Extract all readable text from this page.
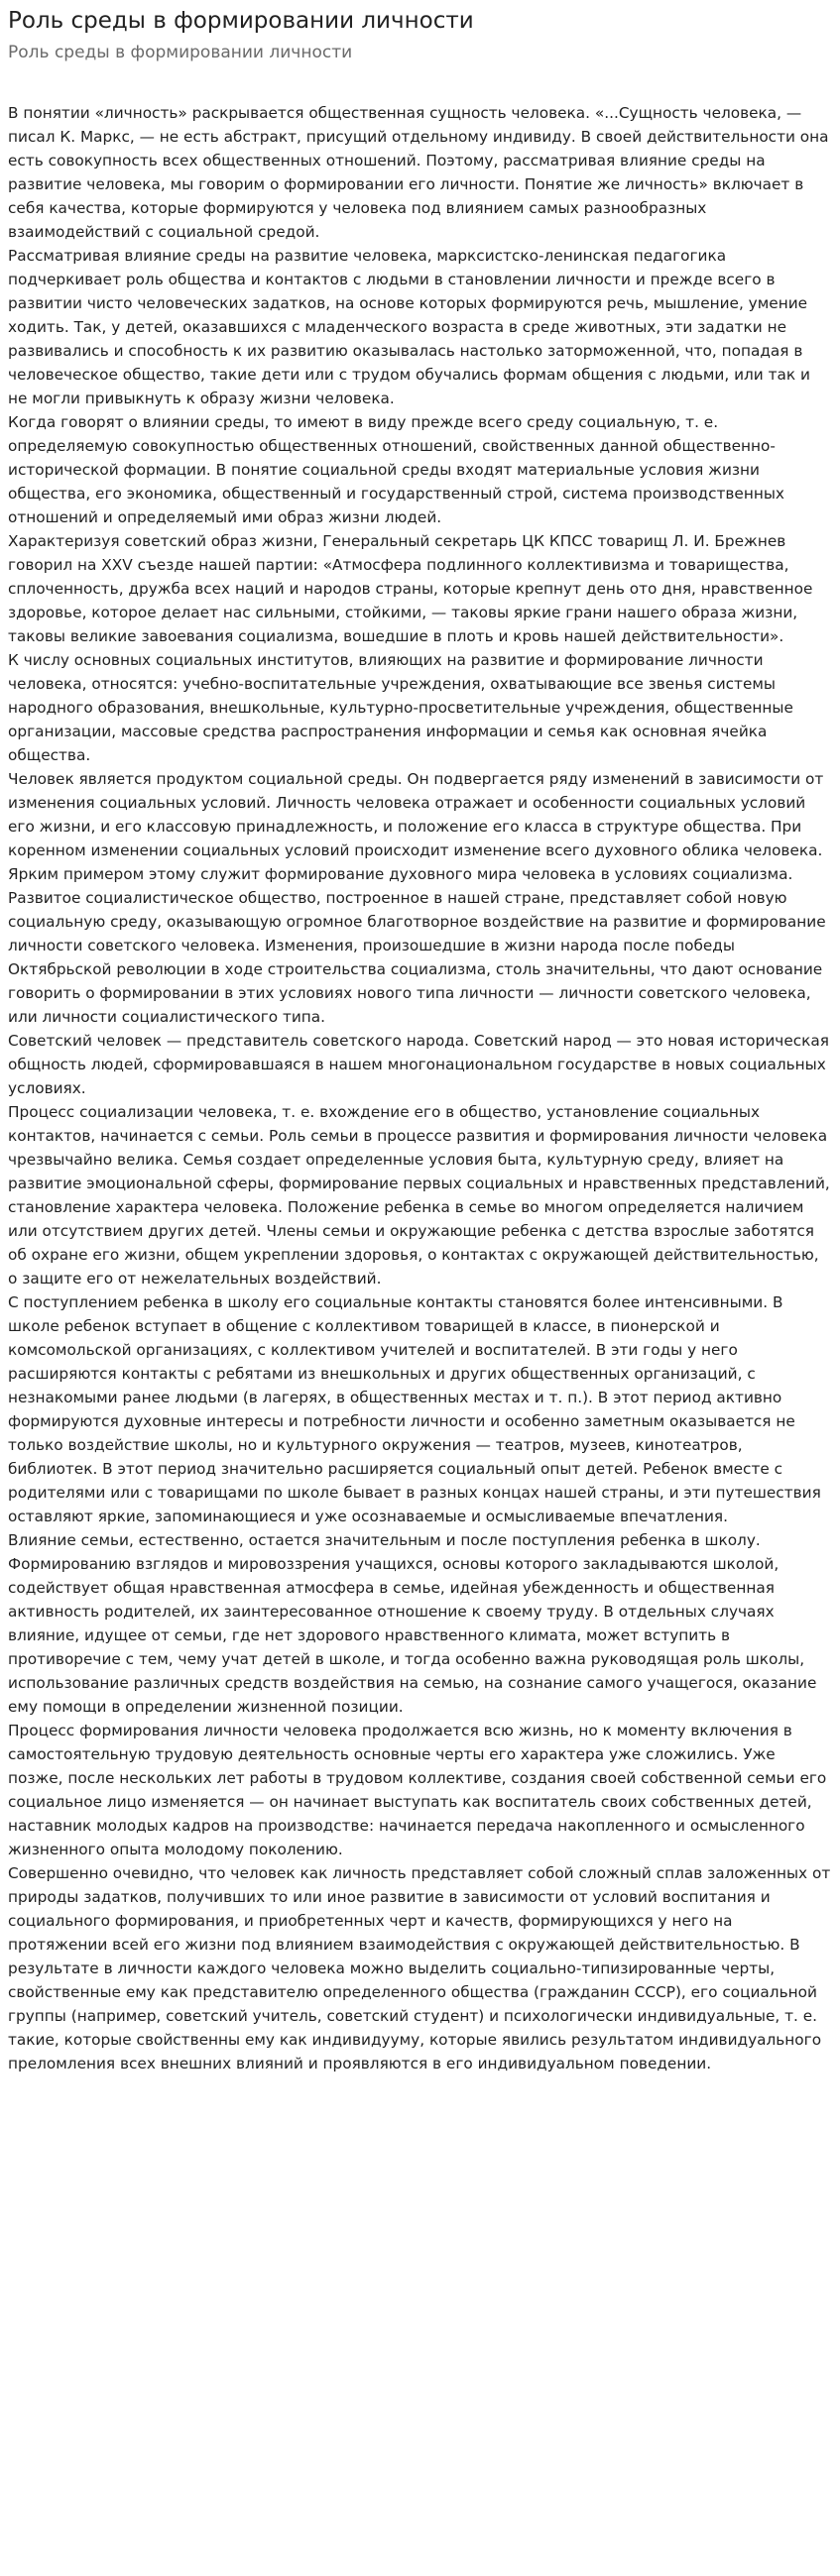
Роль среды в формировании личности
Роль среды в формировании личности

В понятии «личность» раскрывается общественная сущность человека. «...Сущность человека, — писал К. Маркс, — не есть абстракт, присущий отдельному индивиду. В своей действительности она есть совокупность всех общественных отношений. Поэтому, рассматривая влияние среды на развитие человека, мы говорим о формировании его личности. Понятие же личность» включает в себя качества, которые формируются у человека под влиянием самых разнообразных взаимодействий с социальной средой.

Рассматривая влияние среды на развитие человека, марксистско-ленинская педагогика подчеркивает роль общества и контактов с людьми в становлении личности и прежде всего в развитии чисто человеческих задатков, на основе которых формируются речь, мышление, умение ходить. Так, у детей, оказавшихся с младенческого возраста в среде животных, эти задатки не развивались и способность к их развитию оказывалась настолько заторможенной, что, попадая в человеческое общество, такие дети или с трудом обучались формам общения с людьми, или так и не могли привыкнуть к образу жизни человека.

Когда говорят о влиянии среды, то имеют в виду прежде всего среду социальную, т. е. определяемую совокупностью общественных отношений, свойственных данной общественно-исторической формации. В понятие социальной среды входят материальные условия жизни общества, его экономика, общественный и государственный строй, система производственных отношений и определяемый ими образ жизни людей.

Характеризуя советский образ жизни, Генеральный секретарь ЦК КПСС товарищ Л. И. Брежнев говорил на XXV съезде нашей партии: «Атмосфера подлинного коллективизма и товарищества, сплоченность, дружба всех наций и народов страны, которые крепнут день ото дня, нравственное здоровье, которое делает нас сильными, стойкими, — таковы яркие грани нашего образа жизни, таковы великие завоевания социализма, вошедшие в плоть и кровь нашей действительности».

К числу основных социальных институтов, влияющих на развитие и формирование личности человека, относятся: учебно-воспитательные учреждения, охватывающие все звенья системы народного образования, внешкольные, культурно-просветительные учреждения, общественные организации, массовые средства распространения информации и семья как основная ячейка общества.

Человек является продуктом социальной среды. Он подвергается ряду изменений в зависимости от изменения социальных условий. Личность человека отражает и особенности социальных условий его жизни, и его классовую принадлежность, и положение его класса в структуре общества. При коренном изменении социальных условий происходит изменение всего духовного облика человека.

Ярким примером этому служит формирование духовного мира человека в условиях социализма. Развитое социалистическое общество, построенное в нашей стране, представляет собой новую социальную среду, оказывающую огромное благотворное воздействие на развитие и формирование личности советского человека. Изменения, произошедшие в жизни народа после победы Октябрьской революции в ходе строительства социализма, столь значительны, что дают основание говорить о формировании в этих условиях нового типа личности — личности советского человека, или личности социалистического типа.

Советский человек — представитель советского народа. Советский народ — это новая историческая общность людей, сформировавшаяся в нашем многонациональном государстве в новых социальных условиях.

Процесс социализации человека, т. е. вхождение его в общество, установление социальных контактов, начинается с семьи. Роль семьи в процессе развития и формирования личности человека чрезвычайно велика. Семья создает определенные условия быта, культурную среду, влияет на развитие эмоциональной сферы, формирование первых социальных и нравственных представлений, становление характера человека. Положение ребенка в семье во многом определяется наличием или отсутствием других детей. Члены семьи и окружающие ребенка с детства взрослые заботятся об охране его жизни, общем укреплении здоровья, о контактах с окружающей действительностью, о защите его от нежелательных воздействий.

С поступлением ребенка в школу его социальные контакты становятся более интенсивными. В школе ребенок вступает в общение с коллективом товарищей в классе, в пионерской и комсомольской организациях, с коллективом учителей и воспитателей. В эти годы у него расширяются контакты с ребятами из внешкольных и других общественных организаций, с незнакомыми ранее людьми (в лагерях, в общественных местах и т. п.). В этот период активно формируются духовные интересы и потребности личности и особенно заметным оказывается не только воздействие школы, но и культурного окружения — театров, музеев, кинотеатров, библиотек. В этот период значительно расширяется социальный опыт детей. Ребенок вместе с родителями или с товарищами по школе бывает в разных концах нашей страны, и эти путешествия оставляют яркие, запоминающиеся и уже осознаваемые и осмысливаемые впечатления.

Влияние семьи, естественно, остается значительным и после поступления ребенка в школу. Формированию взглядов и мировоззрения учащихся, основы которого закладываются школой, содействует общая нравственная атмосфера в семье, идейная убежденность и общественная активность родителей, их заинтересованное отношение к своему труду. В отдельных случаях влияние, идущее от семьи, где нет здорового нравственного климата, может вступить в противоречие с тем, чему учат детей в школе, и тогда особенно важна руководящая роль школы, использование различных средств воздействия на семью, на сознание самого учащегося, оказание ему помощи в определении жизненной позиции.

Процесс формирования личности человека продолжается всю жизнь, но к моменту включения в самостоятельную трудовую деятельность основные черты его характера уже сложились. Уже позже, после нескольких лет работы в трудовом коллективе, создания своей собственной семьи его социальное лицо изменяется — он начинает выступать как воспитатель своих собственных детей, наставник молодых кадров на производстве: начинается передача накопленного и осмысленного жизненного опыта молодому поколению.

Совершенно очевидно, что человек как личность представляет собой сложный сплав заложенных от природы задатков, получивших то или иное развитие в зависимости от условий воспитания и социального формирования, и приобретенных черт и качеств, формирующихся у него на протяжении всей его жизни под влиянием взаимодействия с окружающей действительностью. В результате в личности каждого человека можно выделить социально-типизированные черты, свойственные ему как представителю определенного общества (гражданин СССР), его социальной группы (например, советский учитель, советский студент) и психологически индивидуальные, т. е. такие, которые свойственны ему как индивидууму, которые явились результатом индивидуального преломления всех внешних влияний и проявляются в его индивидуальном поведении.
